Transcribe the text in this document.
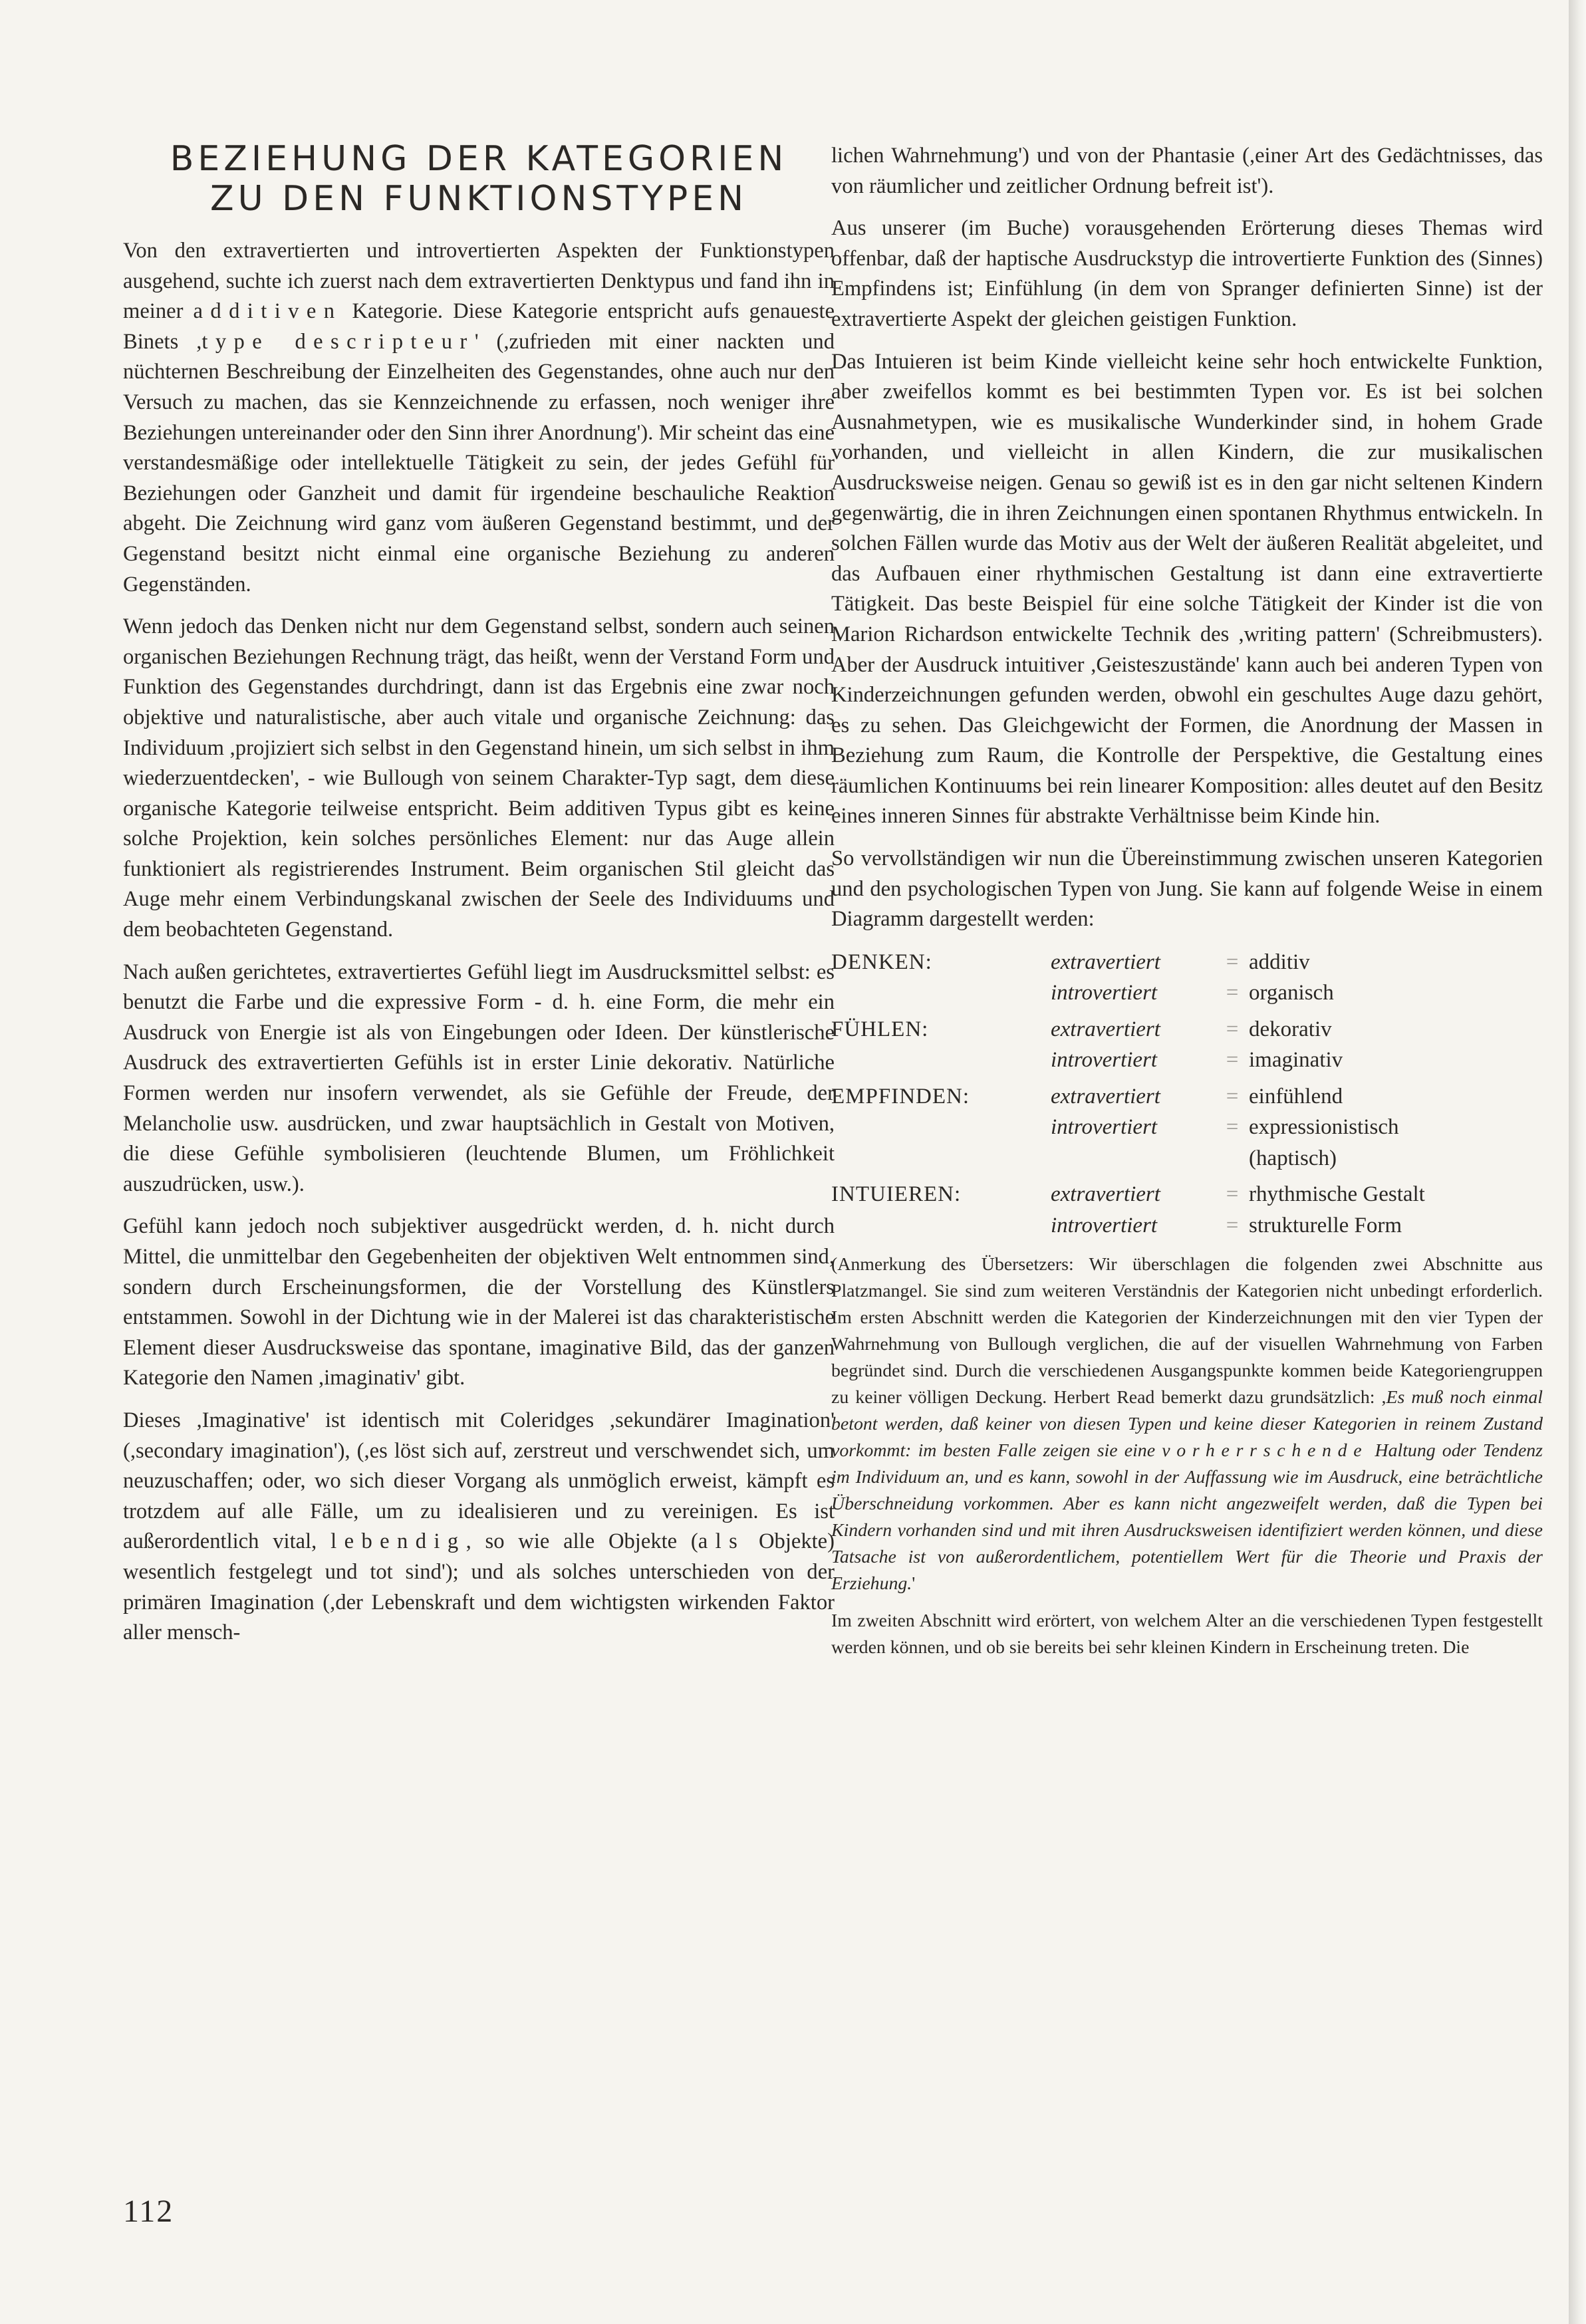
BEZIEHUNG DER KATEGORIEN
ZU DEN FUNKTIONSTYPEN

Von den extravertierten und introvertierten Aspekten der Funktionstypen ausgehend, suchte ich zuerst nach dem extravertierten Denktypus und fand ihn in meiner additiven Kategorie. Diese Kategorie entspricht aufs genaueste Binets ,type descripteur' (,zufrieden mit einer nackten und nüchternen Beschreibung der Einzelheiten des Gegenstandes, ohne auch nur den Versuch zu machen, das sie Kennzeichnende zu erfassen, noch weniger ihre Beziehungen untereinander oder den Sinn ihrer Anordnung'). Mir scheint das eine verstandesmäßige oder intellektuelle Tätigkeit zu sein, der jedes Gefühl für Beziehungen oder Ganzheit und damit für irgendeine beschauliche Reaktion abgeht. Die Zeichnung wird ganz vom äußeren Gegenstand bestimmt, und der Gegenstand besitzt nicht einmal eine organische Beziehung zu anderen Gegenständen.

Wenn jedoch das Denken nicht nur dem Gegenstand selbst, sondern auch seinen organischen Beziehungen Rechnung trägt, das heißt, wenn der Verstand Form und Funktion des Gegenstandes durchdringt, dann ist das Ergebnis eine zwar noch objektive und naturalistische, aber auch vitale und organische Zeichnung: das Individuum ,projiziert sich selbst in den Gegenstand hinein, um sich selbst in ihm wiederzuentdecken', - wie Bullough von seinem Charakter-Typ sagt, dem diese organische Kategorie teilweise entspricht. Beim additiven Typus gibt es keine solche Projektion, kein solches persönliches Element: nur das Auge allein funktioniert als registrierendes Instrument. Beim organischen Stil gleicht das Auge mehr einem Verbindungskanal zwischen der Seele des Individuums und dem beobachteten Gegenstand.

Nach außen gerichtetes, extravertiertes Gefühl liegt im Ausdrucksmittel selbst: es benutzt die Farbe und die expressive Form - d. h. eine Form, die mehr ein Ausdruck von Energie ist als von Eingebungen oder Ideen. Der künstlerische Ausdruck des extravertierten Gefühls ist in erster Linie dekorativ. Natürliche Formen werden nur insofern verwendet, als sie Gefühle der Freude, der Melancholie usw. ausdrücken, und zwar hauptsächlich in Gestalt von Motiven, die diese Gefühle symbolisieren (leuchtende Blumen, um Fröhlichkeit auszudrücken, usw.).

Gefühl kann jedoch noch subjektiver ausgedrückt werden, d. h. nicht durch Mittel, die unmittelbar den Gegebenheiten der objektiven Welt entnommen sind, sondern durch Erscheinungsformen, die der Vorstellung des Künstlers entstammen. Sowohl in der Dichtung wie in der Malerei ist das charakteristische Element dieser Ausdrucksweise das spontane, imaginative Bild, das der ganzen Kategorie den Namen ,imaginativ' gibt.

Dieses ,Imaginative' ist identisch mit Coleridges ,sekundärer Imagination' (,secondary imagination'), (,es löst sich auf, zerstreut und verschwendet sich, um neuzuschaffen; oder, wo sich dieser Vorgang als unmöglich erweist, kämpft es trotzdem auf alle Fälle, um zu idealisieren und zu vereinigen. Es ist außerordentlich vital, lebendig, so wie alle Objekte (als Objekte) wesentlich festgelegt und tot sind'); und als solches unterschieden von der primären Imagination (,der Lebenskraft und dem wichtigsten wirkenden Faktor aller mensch-

lichen Wahrnehmung') und von der Phantasie (,einer Art des Gedächtnisses, das von räumlicher und zeitlicher Ordnung befreit ist').

Aus unserer (im Buche) vorausgehenden Erörterung dieses Themas wird offenbar, daß der haptische Ausdruckstyp die introvertierte Funktion des (Sinnes) Empfindens ist; Einfühlung (in dem von Spranger definierten Sinne) ist der extravertierte Aspekt der gleichen geistigen Funktion.

Das Intuieren ist beim Kinde vielleicht keine sehr hoch entwickelte Funktion, aber zweifellos kommt es bei bestimmten Typen vor. Es ist bei solchen Ausnahmetypen, wie es musikalische Wunderkinder sind, in hohem Grade vorhanden, und vielleicht in allen Kindern, die zur musikalischen Ausdrucksweise neigen. Genau so gewiß ist es in den gar nicht seltenen Kindern gegenwärtig, die in ihren Zeichnungen einen spontanen Rhythmus entwickeln. In solchen Fällen wurde das Motiv aus der Welt der äußeren Realität abgeleitet, und das Aufbauen einer rhythmischen Gestaltung ist dann eine extravertierte Tätigkeit. Das beste Beispiel für eine solche Tätigkeit der Kinder ist die von Marion Richardson entwickelte Technik des ,writing pattern' (Schreibmusters). Aber der Ausdruck intuitiver ,Geisteszustände' kann auch bei anderen Typen von Kinderzeichnungen gefunden werden, obwohl ein geschultes Auge dazu gehört, es zu sehen. Das Gleichgewicht der Formen, die Anordnung der Massen in Beziehung zum Raum, die Kontrolle der Perspektive, die Gestaltung eines räumlichen Kontinuums bei rein linearer Komposition: alles deutet auf den Besitz eines inneren Sinnes für abstrakte Verhältnisse beim Kinde hin.

So vervollständigen wir nun die Übereinstimmung zwischen unseren Kategorien und den psychologischen Typen von Jung. Sie kann auf folgende Weise in einem Diagramm dargestellt werden:

DENKEN:	extravertiert	=	additiv
	introvertiert	=	organisch
FÜHLEN:	extravertiert	=	dekorativ
	introvertiert	=	imaginativ
EMPFINDEN:	extravertiert	=	einfühlend
	introvertiert	=	expressionistisch
(haptisch)
INTUIEREN:	extravertiert	=	rhythmische Gestalt
	introvertiert	=	strukturelle Form

(Anmerkung des Übersetzers: Wir überschlagen die folgenden zwei Abschnitte aus Platzmangel. Sie sind zum weiteren Verständnis der Kategorien nicht unbedingt erforderlich. Im ersten Abschnitt werden die Kategorien der Kinderzeichnungen mit den vier Typen der Wahrnehmung von Bullough verglichen, die auf der visuellen Wahrnehmung von Farben begründet sind. Durch die verschiedenen Ausgangspunkte kommen beide Kategoriengruppen zu keiner völligen Deckung. Herbert Read bemerkt dazu grundsätzlich: ,Es muß noch einmal betont werden, daß keiner von diesen Typen und keine dieser Kategorien in reinem Zustand vorkommt: im besten Falle zeigen sie eine vorherrschende Haltung oder Tendenz im Individuum an, und es kann, sowohl in der Auffassung wie im Ausdruck, eine beträchtliche Überschneidung vorkommen. Aber es kann nicht angezweifelt werden, daß die Typen bei Kindern vorhanden sind und mit ihren Ausdrucksweisen identifiziert werden können, und diese Tatsache ist von außerordentlichem, potentiellem Wert für die Theorie und Praxis der Erziehung.'

Im zweiten Abschnitt wird erörtert, von welchem Alter an die verschiedenen Typen festgestellt werden können, und ob sie bereits bei sehr kleinen Kindern in Erscheinung treten. Die

112
